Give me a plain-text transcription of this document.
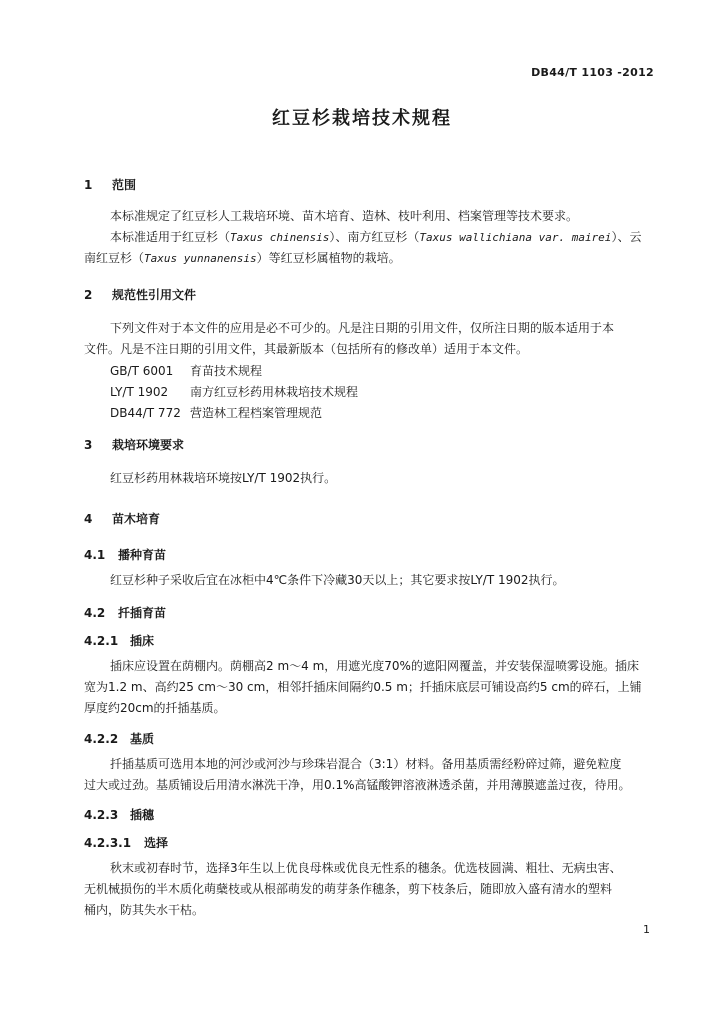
DB44/T 1103 -2012
红豆杉栽培技术规程
1 范围
本标准规定了红豆杉人工栽培环境、苗木培育、造林、枝叶利用、档案管理等技术要求。
本标准适用于红豆杉（Taxus chinensis）、南方红豆杉（Taxus wallichiana var. mairei）、云
南红豆杉（Taxus yunnanensis）等红豆杉属植物的栽培。
2 规范性引用文件
下列文件对于本文件的应用是必不可少的。凡是注日期的引用文件，仅所注日期的版本适用于本
文件。凡是不注日期的引用文件，其最新版本（包括所有的修改单）适用于本文件。
GB/T 6001 育苗技术规程
LY/T 1902 南方红豆杉药用林栽培技术规程
DB44/T 772 营造林工程档案管理规范
3 栽培环境要求
红豆杉药用林栽培环境按LY/T 1902执行。
4 苗木培育
4.1 播种育苗
红豆杉种子采收后宜在冰柜中4℃条件下冷藏30天以上；其它要求按LY/T 1902执行。
4.2 扦插育苗
4.2.1 插床
插床应设置在荫棚内。荫棚高2 m～4 m，用遮光度70%的遮阳网覆盖，并安装保湿喷雾设施。插床
宽为1.2 m、高约25 cm～30 cm，相邻扦插床间隔约0.5 m；扦插床底层可铺设高约5 cm的碎石，上铺
厚度约20cm的扦插基质。
4.2.2 基质
扦插基质可选用本地的河沙或河沙与珍珠岩混合（3:1）材料。备用基质需经粉碎过筛，避免粒度
过大或过劲。基质铺设后用清水淋洗干净，用0.1%高锰酸钾溶液淋透杀菌，并用薄膜遮盖过夜，待用。
4.2.3 插穗
4.2.3.1 选择
秋末或初春时节，选择3年生以上优良母株或优良无性系的穗条。优选枝圆满、粗壮、无病虫害、
无机械损伤的半木质化萌蘖枝或从根部萌发的萌芽条作穗条，剪下枝条后，随即放入盛有清水的塑料
桶内，防其失水干枯。
1
